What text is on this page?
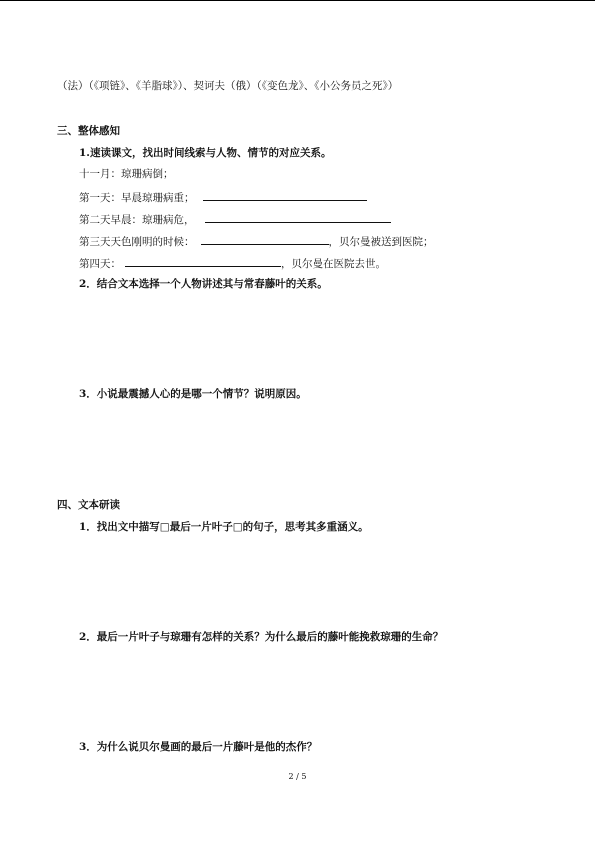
（法）（《项链》、《羊脂球》）、契诃夫（俄）（《变色龙》、《小公务员之死》）
三、整体感知
1.速读课文，找出时间线索与人物、情节的对应关系。
十一月：琼珊病倒；
第一天：早晨琼珊病重；
第二天早晨：琼珊病危，
第三天天色刚明的时候：	，贝尔曼被送到医院；
第四天：	，贝尔曼在医院去世。
2．结合文本选择一个人物讲述其与常春藤叶的关系。
3．小说最震撼人心的是哪一个情节？说明原因。
四、文本研读
1．找出文中描写□最后一片叶子□的句子，思考其多重涵义。
2．最后一片叶子与琼珊有怎样的关系？为什么最后的藤叶能挽救琼珊的生命？
3．为什么说贝尔曼画的最后一片藤叶是他的杰作？
2 / 5
